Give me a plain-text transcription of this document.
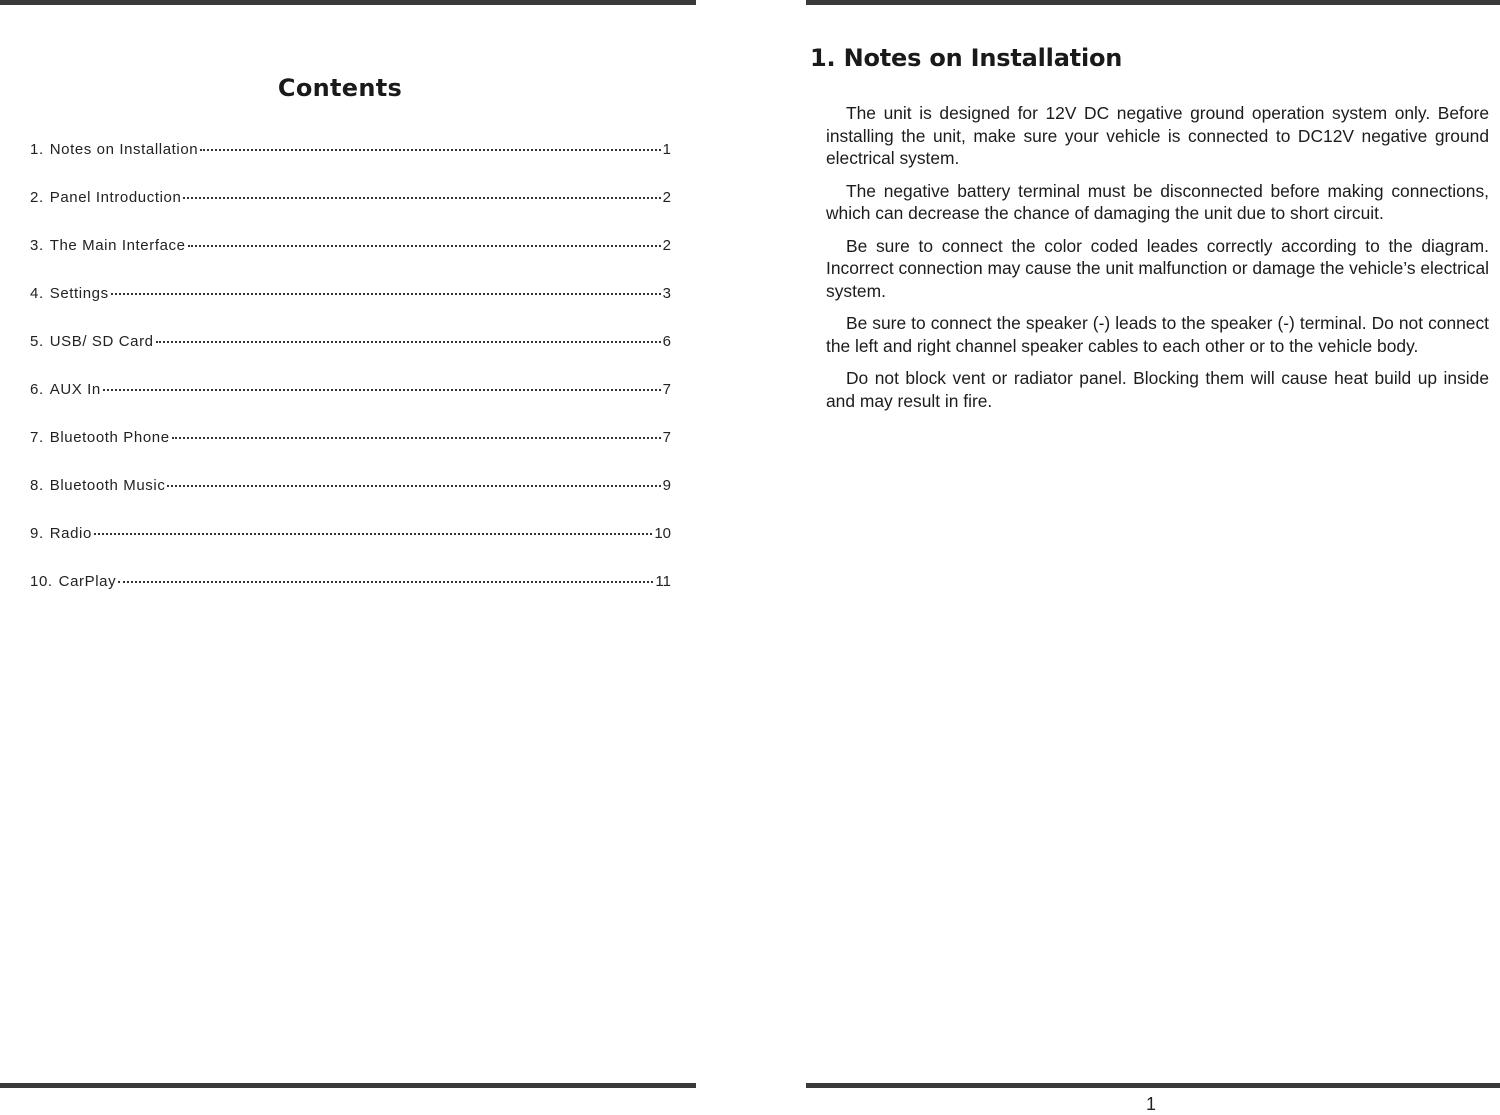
Contents
1. Notes on Installation	1
2. Panel Introduction	2
3. The Main Interface	2
4. Settings	3
5. USB/ SD Card	6
6. AUX In	7
7. Bluetooth Phone	7
8. Bluetooth Music	9
9. Radio	10
10. CarPlay	11
1. Notes on Installation

The unit is designed for 12V DC negative ground operation system only. Before installing the unit, make sure your vehicle is connected to DC12V negative ground electrical system.

The negative battery terminal must be disconnected before making connections, which can decrease the chance of damaging the unit due to short circuit.

Be sure to connect the color coded leades correctly according to the diagram. Incorrect connection may cause the unit malfunction or damage the vehicle’s electrical system.

Be sure to connect the speaker (-) leads to the speaker (-) terminal. Do not connect the left and right channel speaker cables to each other or to the vehicle body.

Do not block vent or radiator panel. Blocking them will cause heat build up inside and may result in fire.

1
